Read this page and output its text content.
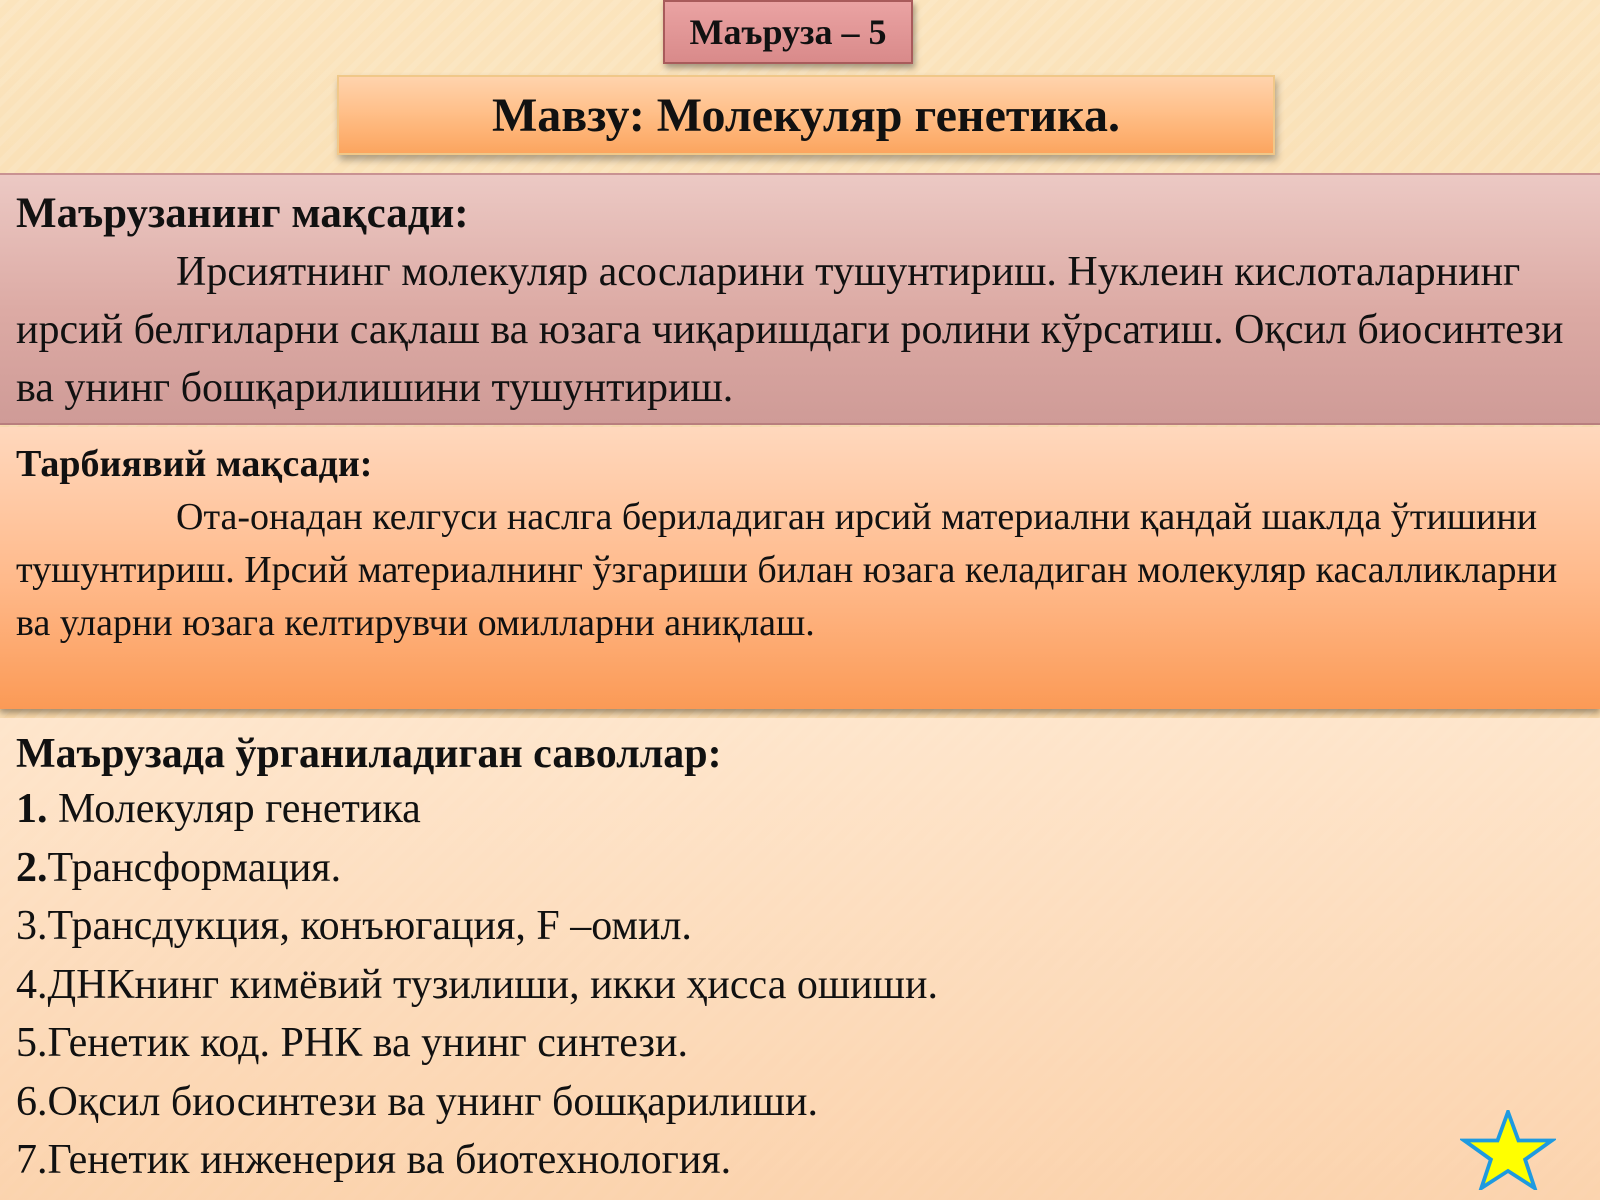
Маъруза – 5
Мавзу: Молекуляр генетика.
Маърузанинг мақсади:

Ирсиятнинг молекуляр асосларини тушунтириш. Нуклеин кислоталарнинг ирсий белгиларни сақлаш ва юзага чиқаришдаги ролини кўрсатиш. Оқсил биосинтези ва унинг бошқарилишини тушунтириш.

Тарбиявий мақсади:

Ота-онадан келгуси наслга бериладиган ирсий материални қандай шаклда ўтишини тушунтириш. Ирсий материалнинг ўзгариши билан юзага келадиган молекуляр касалликларни ва уларни юзага келтирувчи омилларни аниқлаш.

Маърузада ўрганиладиган саволлар:
1. Молекуляр генетика
2.Трансформация.
3.Трансдукция, конъюгация, F –омил.
4.ДНКнинг кимёвий тузилиши, икки ҳисса ошиши.
5.Генетик код. РНК ва унинг синтези.
6.Оқсил биосинтези ва унинг бошқарилиши.
7.Генетик инженерия ва биотехнология.
